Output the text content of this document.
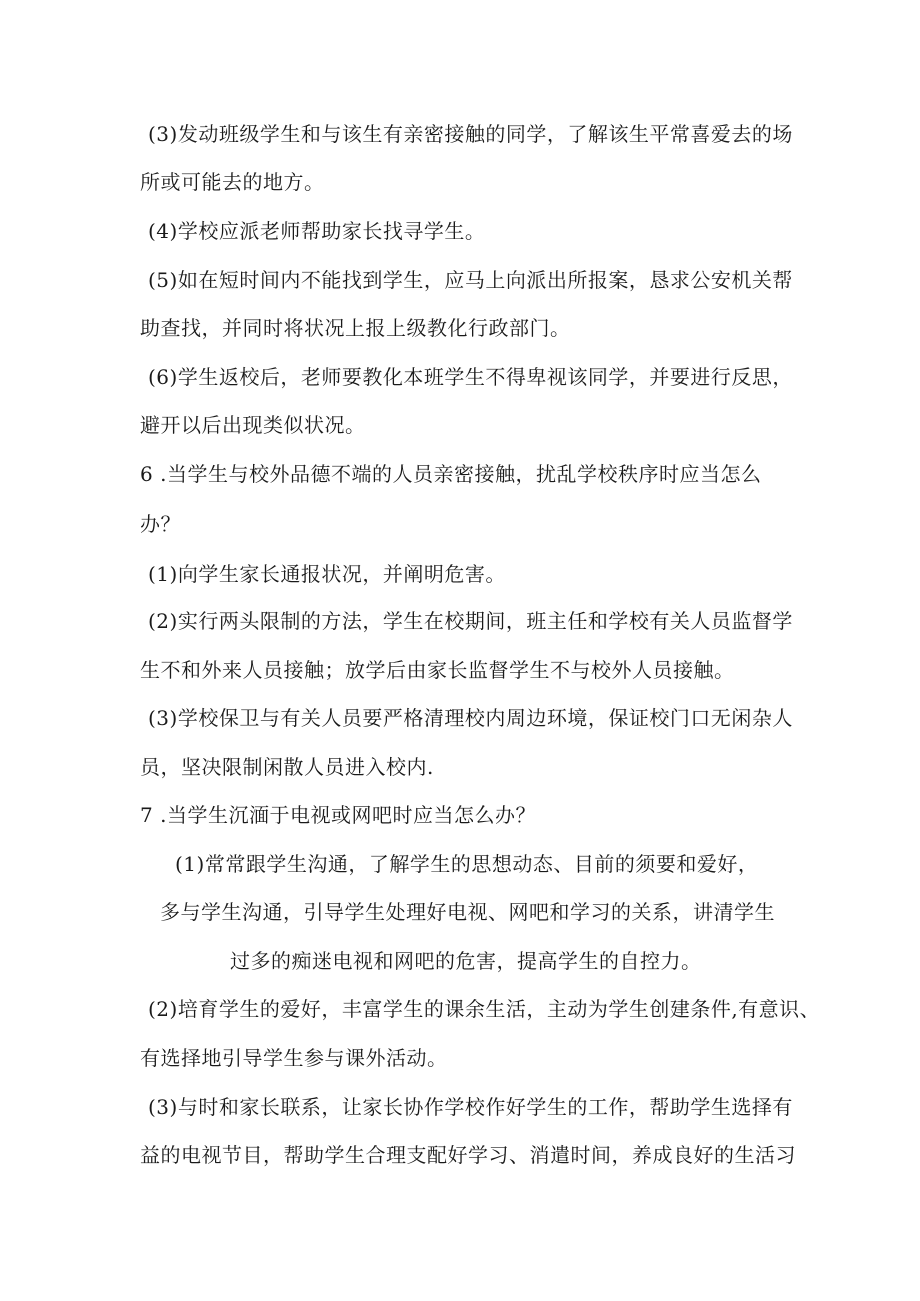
(3)发动班级学生和与该生有亲密接触的同学，了解该生平常喜爱去的场
所或可能去的地方。
(4)学校应派老师帮助家长找寻学生。
(5)如在短时间内不能找到学生，应马上向派出所报案，恳求公安机关帮
助查找，并同时将状况上报上级教化行政部门。
(6)学生返校后，老师要教化本班学生不得卑视该同学，并要进行反思，
避开以后出现类似状况。
6 .当学生与校外品德不端的人员亲密接触，扰乱学校秩序时应当怎么
办？
(1)向学生家长通报状况，并阐明危害。
(2)实行两头限制的方法，学生在校期间，班主任和学校有关人员监督学
生不和外来人员接触；放学后由家长监督学生不与校外人员接触。
(3)学校保卫与有关人员要严格清理校内周边环境，保证校门口无闲杂人
员，坚决限制闲散人员进入校内.
7 .当学生沉湎于电视或网吧时应当怎么办？
(1)常常跟学生沟通，了解学生的思想动态、目前的须要和爱好，
多与学生沟通，引导学生处理好电视、网吧和学习的关系，讲清学生
过多的痴迷电视和网吧的危害，提高学生的自控力。
(2)培育学生的爱好，丰富学生的课余生活，主动为学生创建条件,有意识、
有选择地引导学生参与课外活动。
(3)与时和家长联系，让家长协作学校作好学生的工作，帮助学生选择有
益的电视节目，帮助学生合理支配好学习、消遣时间，养成良好的生活习
